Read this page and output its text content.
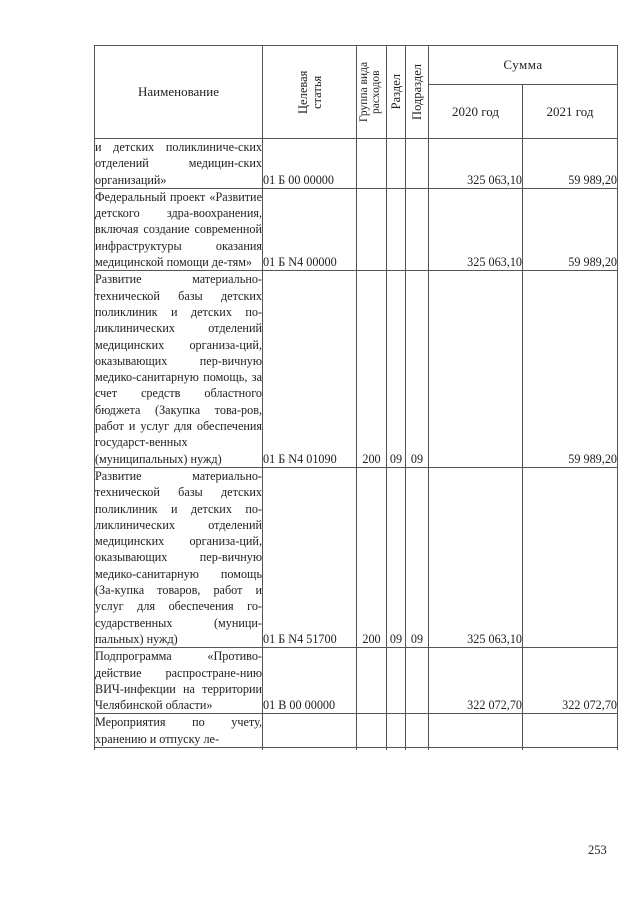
Наименование	Целевая статья	Группа вида расходов	Раздел	Подраздел	Сумма	
					2020 год	2021 год
и детских поликлиниче-ских отделений медицин-ских организаций»	01 Б 00 00000				325 063,10	59 989,20
Федеральный проект «Развитие детского здра-воохранения, включая создание современной инфраструктуры оказания медицинской помощи де-тям»	01 Б N4 00000				325 063,10	59 989,20
Развитие материально-технической базы детских поликлиник и детских по-ликлинических отделений медицинских организа-ций, оказывающих пер-вичную медико-санитарную помощь, за счет средств областного бюджета (Закупка това-ров, работ и услуг для обеспечения государст-венных (муниципальных) нужд)	01 Б N4 01090	200	09	09		59 989,20
Развитие материально-технической базы детских поликлиник и детских по-ликлинических отделений медицинских организа-ций, оказывающих пер-вичную медико-санитарную помощь (За-купка товаров, работ и услуг для обеспечения го-сударственных (муници-пальных) нужд)	01 Б N4 51700	200	09	09	325 063,10	
Подпрограмма «Противо-действие распростране-нию ВИЧ-инфекции на территории Челябинской области»	01 В 00 00000				322 072,70	322 072,70
Мероприятия по учету, хранению и отпуску ле-						

253
